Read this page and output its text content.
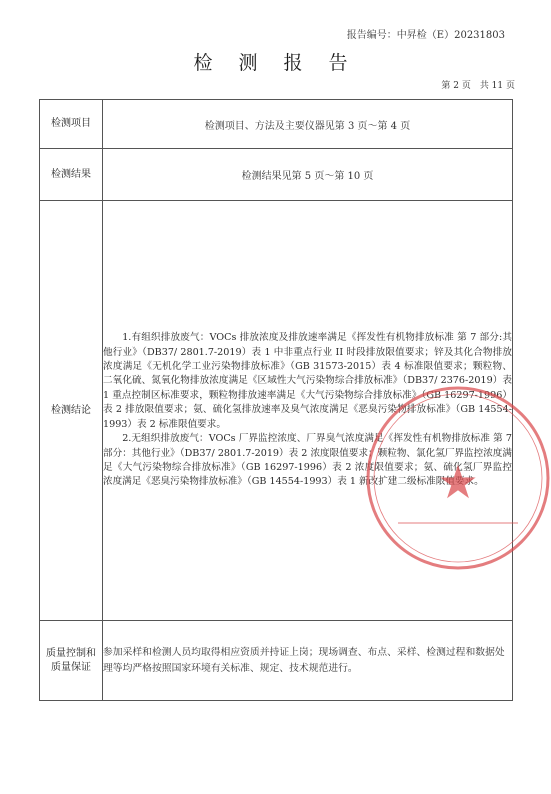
报告编号：中昇检（E）20231803
检 测 报 告
第 2 页　共 11 页
检测项目	检测项目、方法及主要仪器见第 3 页～第 4 页
检测结果	检测结果见第 5 页～第 10 页
检测结论	1.有组织排放废气：VOCs 排放浓度及排放速率满足《挥发性有机物排放标准 第 7 部分:其他行业》（DB37/ 2801.7-2019）表 1 中非重点行业 II 时段排放限值要求；锌及其化合物排放浓度满足《无机化学工业污染物排放标准》（GB 31573-2015）表 4 标准限值要求；颗粒物、二氧化硫、氮氧化物排放浓度满足《区域性大气污染物综合排放标准》（DB37/ 2376-2019）表 1 重点控制区标准要求，颗粒物排放速率满足《大气污染物综合排放标准》（GB 16297-1996）表 2 排放限值要求；氨、硫化氢排放速率及臭气浓度满足《恶臭污染物排放标准》（GB 14554-1993）表 2 标准限值要求。

2.无组织排放废气：VOCs 厂界监控浓度、厂界臭气浓度满足《挥发性有机物排放标准 第 7 部分：其他行业》（DB37/ 2801.7-2019）表 2 浓度限值要求；颗粒物、氯化氢厂界监控浓度满足《大气污染物综合排放标准》（GB 16297-1996）表 2 浓度限值要求；氨、硫化氢厂界监控浓度满足《恶臭污染物排放标准》（GB 14554-1993）表 1 新改扩建二级标准限值要求。

质量控制和
质量保证	参加采样和检测人员均取得相应资质并持证上岗；现场调查、布点、采样、检测过程和数据处理等均严格按照国家环境有关标准、规定、技术规范进行。
★
